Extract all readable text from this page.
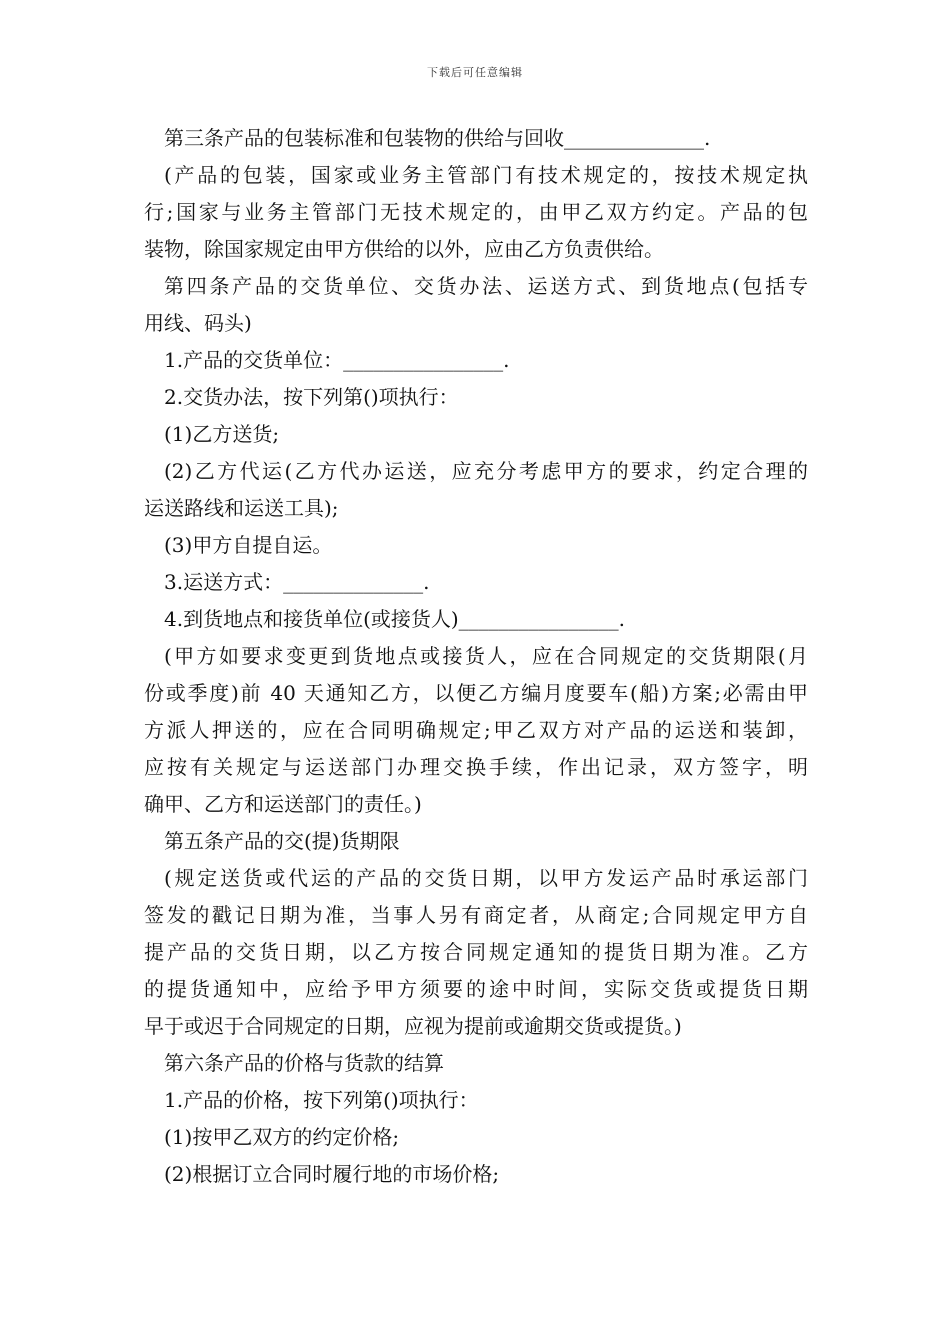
下载后可任意编辑
第三条产品的包装标准和包装物的供给与回收______________.
(产品的包装，国家或业务主管部门有技术规定的，按技术规定执
行;国家与业务主管部门无技术规定的，由甲乙双方约定。产品的包
装物，除国家规定由甲方供给的以外，应由乙方负责供给。
第四条产品的交货单位、交货办法、运送方式、到货地点(包括专
用线、码头)
1.产品的交货单位：________________.
2.交货办法，按下列第()项执行：
(1)乙方送货;
(2)乙方代运(乙方代办运送，应充分考虑甲方的要求，约定合理的
运送路线和运送工具);
(3)甲方自提自运。
3.运送方式：______________.
4.到货地点和接货单位(或接货人)________________.
(甲方如要求变更到货地点或接货人，应在合同规定的交货期限(月
份或季度)前 40 天通知乙方，以便乙方编月度要车(船)方案;必需由甲
方派人押送的，应在合同明确规定;甲乙双方对产品的运送和装卸，
应按有关规定与运送部门办理交换手续，作出记录，双方签字，明
确甲、乙方和运送部门的责任。)
第五条产品的交(提)货期限
(规定送货或代运的产品的交货日期，以甲方发运产品时承运部门
签发的戳记日期为准，当事人另有商定者，从商定;合同规定甲方自
提产品的交货日期，以乙方按合同规定通知的提货日期为准。乙方
的提货通知中，应给予甲方须要的途中时间，实际交货或提货日期
早于或迟于合同规定的日期，应视为提前或逾期交货或提货。)
第六条产品的价格与货款的结算
1.产品的价格，按下列第()项执行：
(1)按甲乙双方的约定价格;
(2)根据订立合同时履行地的市场价格;
